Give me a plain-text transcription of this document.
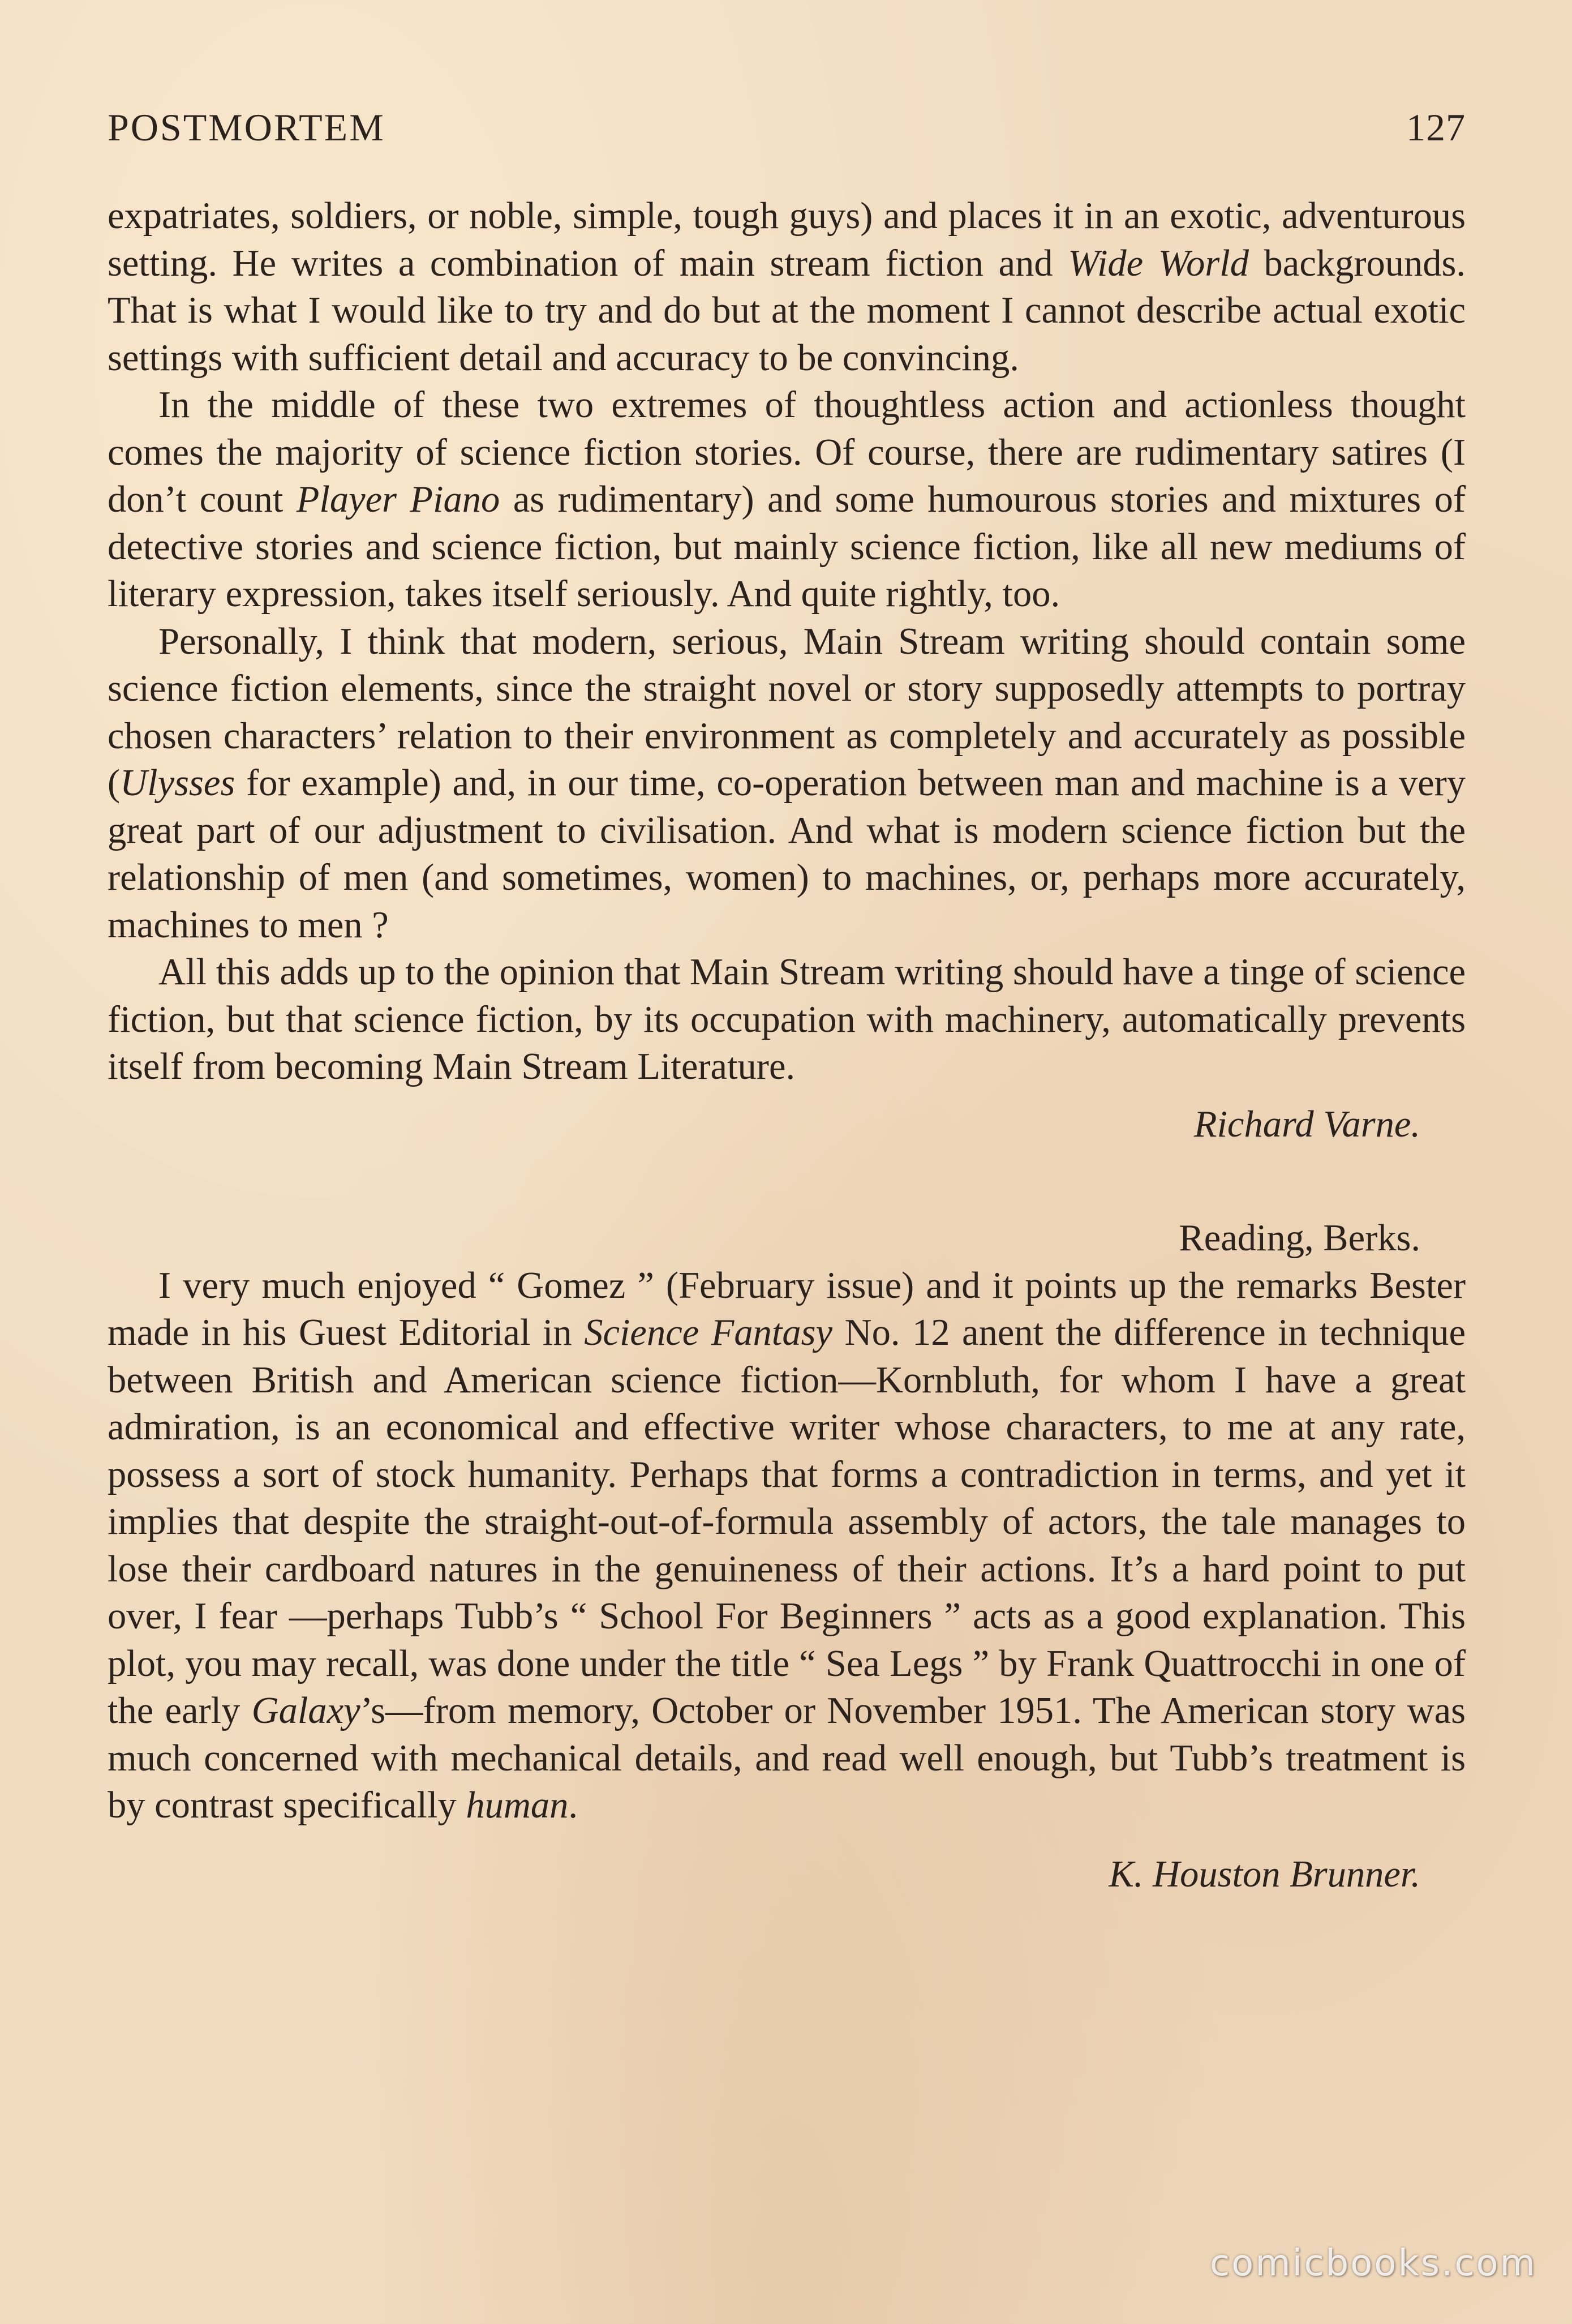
POSTMORTEM	127

expatriates, soldiers, or noble, simple, tough guys) and places it in an exotic, adventurous setting. He writes a combination of main stream fiction and Wide World backgrounds. That is what I would like to try and do but at the moment I cannot describe actual exotic settings with sufficient detail and accuracy to be convincing.

In the middle of these two extremes of thoughtless action and actionless thought comes the majority of science fiction stories. Of course, there are rudimentary satires (I don’t count Player Piano as rudimentary) and some humourous stories and mixtures of detective stories and science fiction, but mainly science fiction, like all new mediums of literary expression, takes itself seriously. And quite rightly, too.

Personally, I think that modern, serious, Main Stream writing should contain some science fiction elements, since the straight novel or story supposedly attempts to portray chosen characters’ relation to their environment as completely and accurately as possible (Ulysses for example) and, in our time, co-operation between man and machine is a very great part of our adjustment to civilisation. And what is modern science fiction but the relationship of men (and sometimes, women) to machines, or, perhaps more accurately, machines to men ?

All this adds up to the opinion that Main Stream writing should have a tinge of science fiction, but that science fiction, by its occupation with machinery, automatically prevents itself from becoming Main Stream Literature.

Richard Varne.
Reading, Berks.

I very much enjoyed “ Gomez ” (February issue) and it points up the remarks Bester made in his Guest Editorial in Science Fantasy No. 12 anent the difference in technique between British and American science fiction—Kornbluth, for whom I have a great admiration, is an economical and effective writer whose characters, to me at any rate, possess a sort of stock humanity. Perhaps that forms a contradiction in terms, and yet it implies that despite the straight-out-of-formula assembly of actors, the tale manages to lose their cardboard natures in the genuineness of their actions. It’s a hard point to put over, I fear —perhaps Tubb’s “ School For Beginners ” acts as a good explanation. This plot, you may recall, was done under the title “ Sea Legs ” by Frank Quattrocchi in one of the early Galaxy’s—from memory, October or November 1951. The American story was much concerned with mechanical details, and read well enough, but Tubb’s treatment is by contrast specifically human.

K. Houston Brunner.
comicbooks.com
